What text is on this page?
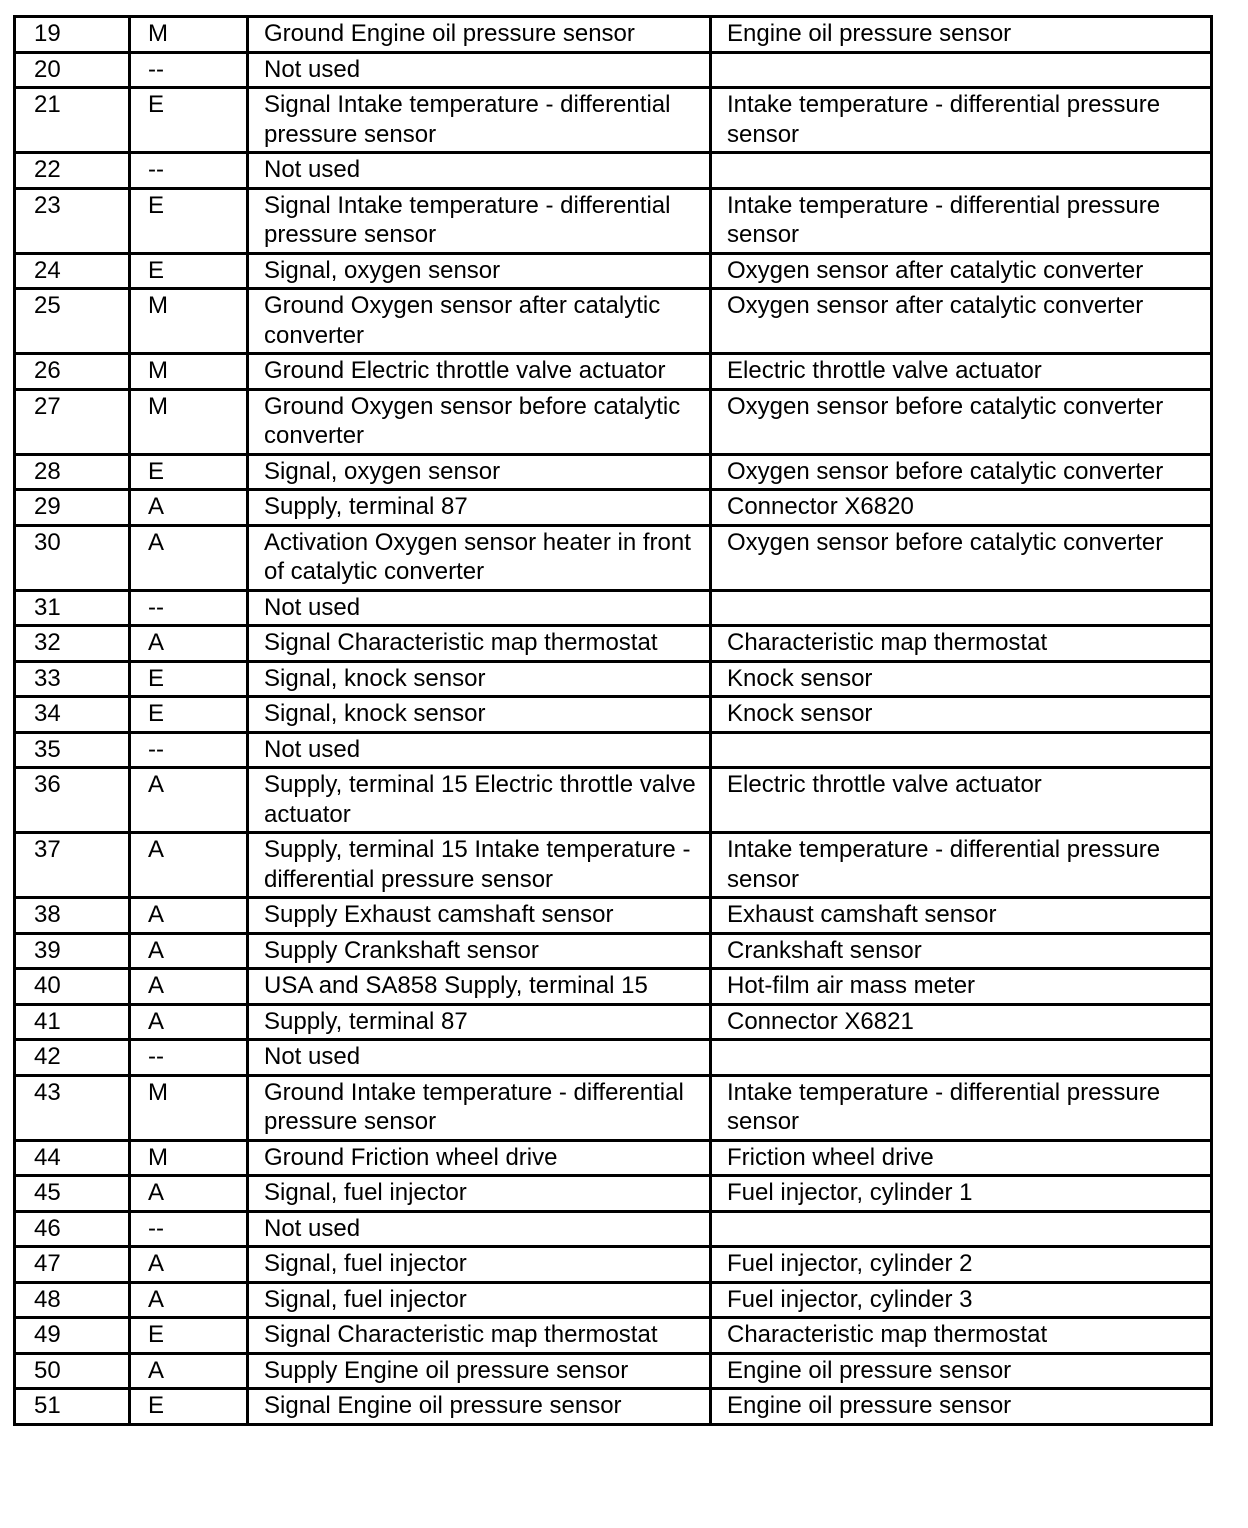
19	M	Ground Engine oil pressure sensor	Engine oil pressure sensor
20	--	Not used	
21	E	Signal Intake temperature - differential pressure sensor	Intake temperature - differential pressure sensor
22	--	Not used	
23	E	Signal Intake temperature - differential pressure sensor	Intake temperature - differential pressure sensor
24	E	Signal, oxygen sensor	Oxygen sensor after catalytic converter
25	M	Ground Oxygen sensor after catalytic converter	Oxygen sensor after catalytic converter
26	M	Ground Electric throttle valve actuator	Electric throttle valve actuator
27	M	Ground Oxygen sensor before catalytic converter	Oxygen sensor before catalytic converter
28	E	Signal, oxygen sensor	Oxygen sensor before catalytic converter
29	A	Supply, terminal 87	Connector X6820
30	A	Activation Oxygen sensor heater in front of catalytic converter	Oxygen sensor before catalytic converter
31	--	Not used	
32	A	Signal Characteristic map thermostat	Characteristic map thermostat
33	E	Signal, knock sensor	Knock sensor
34	E	Signal, knock sensor	Knock sensor
35	--	Not used	
36	A	Supply, terminal 15 Electric throttle valve actuator	Electric throttle valve actuator
37	A	Supply, terminal 15 Intake temperature - differential pressure sensor	Intake temperature - differential pressure sensor
38	A	Supply Exhaust camshaft sensor	Exhaust camshaft sensor
39	A	Supply Crankshaft sensor	Crankshaft sensor
40	A	USA and SA858 Supply, terminal 15	Hot-film air mass meter
41	A	Supply, terminal 87	Connector X6821
42	--	Not used	
43	M	Ground Intake temperature - differential pressure sensor	Intake temperature - differential pressure sensor
44	M	Ground Friction wheel drive	Friction wheel drive
45	A	Signal, fuel injector	Fuel injector, cylinder 1
46	--	Not used	
47	A	Signal, fuel injector	Fuel injector, cylinder 2
48	A	Signal, fuel injector	Fuel injector, cylinder 3
49	E	Signal Characteristic map thermostat	Characteristic map thermostat
50	A	Supply Engine oil pressure sensor	Engine oil pressure sensor
51	E	Signal Engine oil pressure sensor	Engine oil pressure sensor
